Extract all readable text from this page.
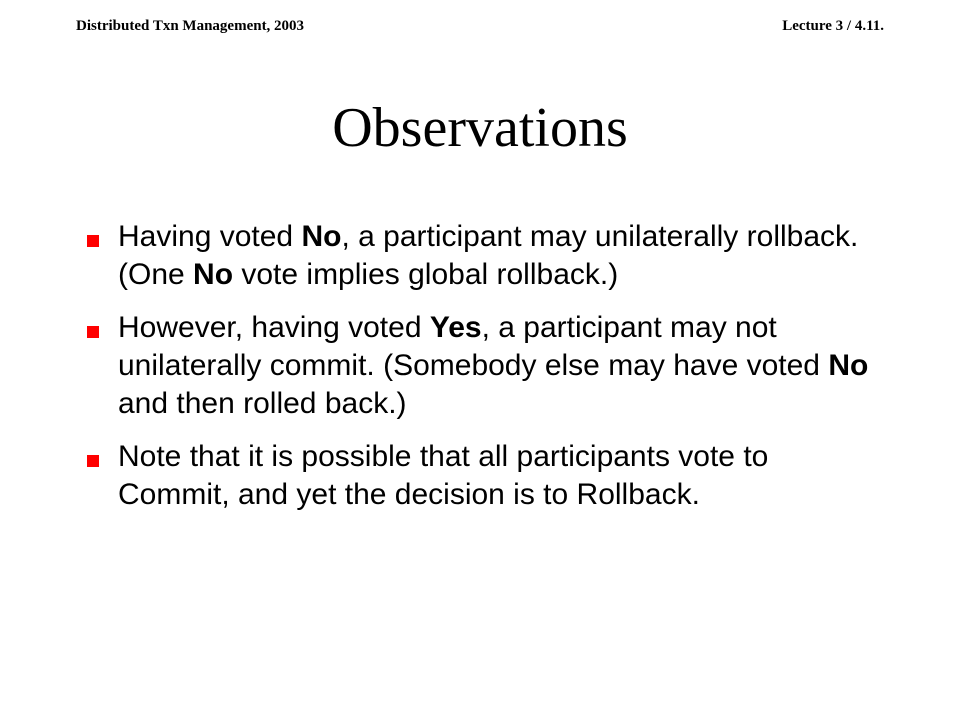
Distributed Txn Management, 2003	Lecture 3 / 4.11.
Observations
Having voted No, a participant may unilaterally rollback. (One No vote implies global rollback.)
However, having voted Yes, a participant may not unilaterally commit. (Somebody else may have voted No and then rolled back.)
Note that it is possible that all participants vote to Commit, and yet the decision is to Rollback.
